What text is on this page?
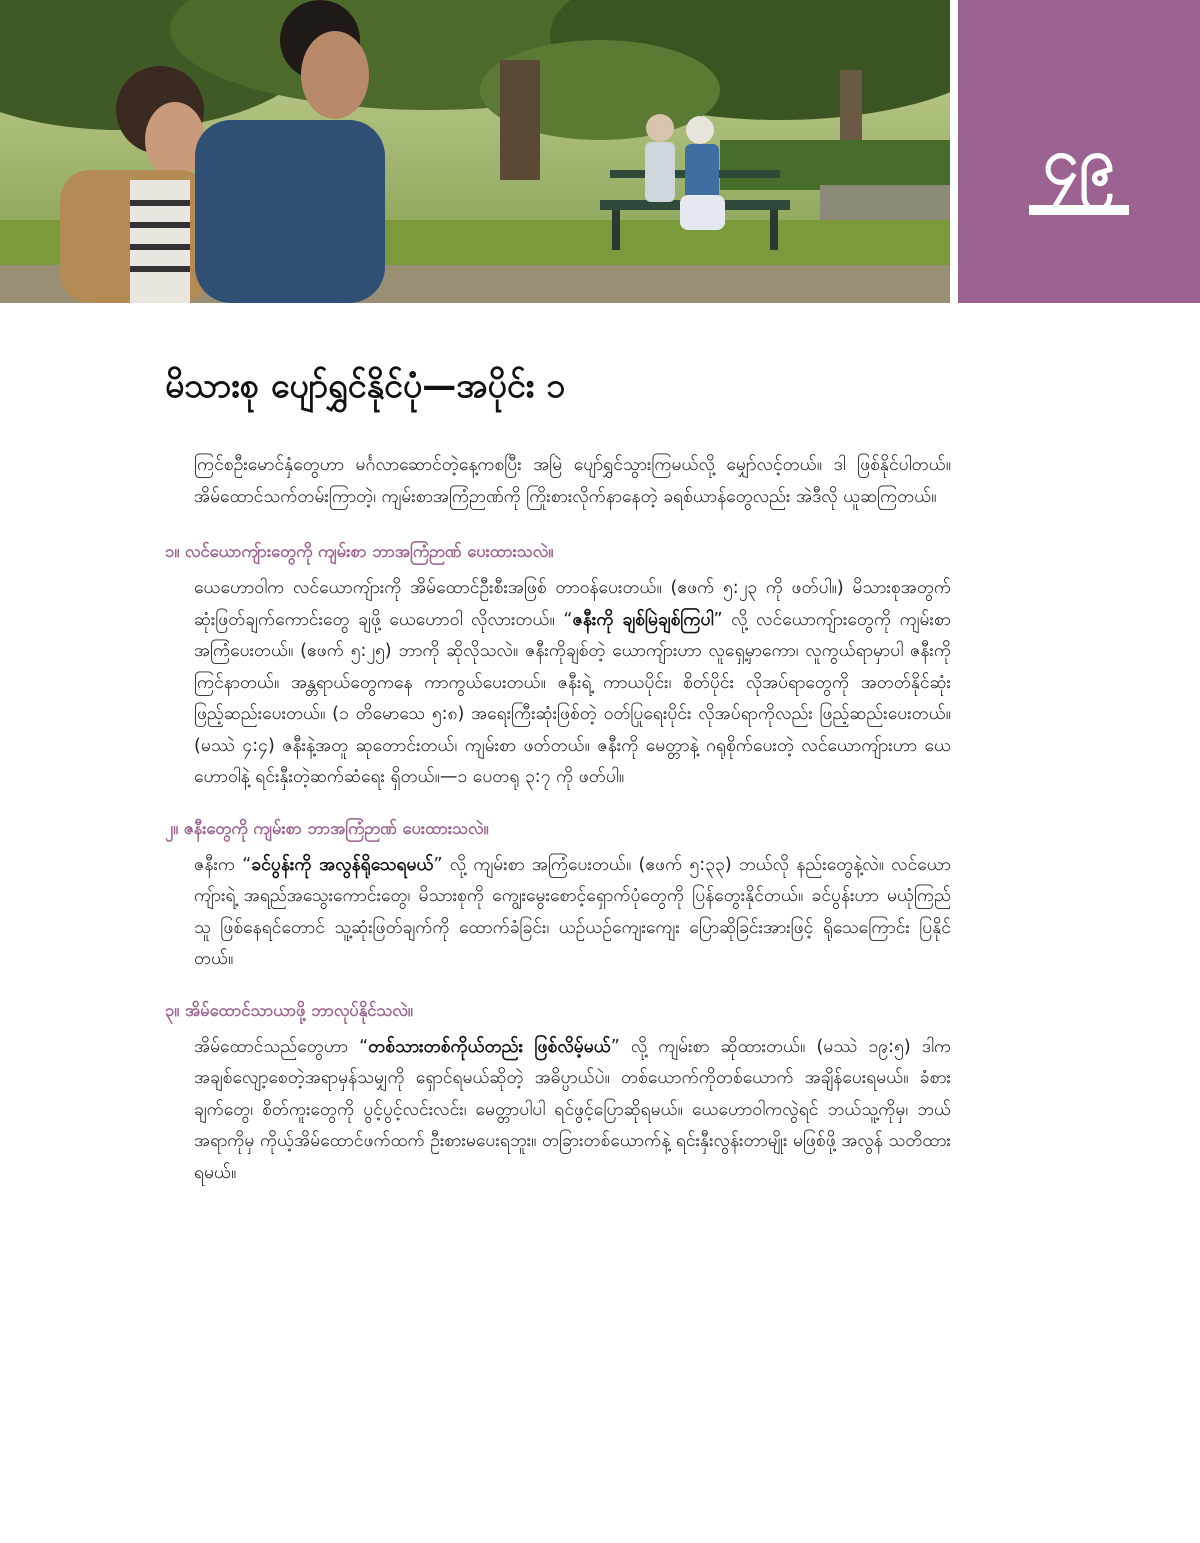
၄၉
မိသားစု ပျော်ရွှင်နိုင်ပုံ—အပိုင်း ၁

ကြင်စဦးမောင်နှံတွေဟာ မင်္ဂလာဆောင်တဲ့နေ့ကစပြီး အမြဲ ပျော်ရွှင်သွားကြမယ်လို့ မျှော်လင့်တယ်။ ဒါ ဖြစ်နိုင်ပါတယ်။ အိမ်ထောင်သက်တမ်းကြာတဲ့၊ ကျမ်းစာအကြံဉာဏ်ကို ကြိုးစားလိုက်နာနေတဲ့ ခရစ်ယာန်တွေလည်း အဲဒီလို ယူဆကြတယ်။

၁။ လင်ယောကျ်ားတွေကို ကျမ်းစာ ဘာအကြံဉာဏ် ပေးထားသလဲ။

ယေဟောဝါက လင်ယောကျ်ားကို အိမ်ထောင်ဦးစီးအဖြစ် တာဝန်ပေးတယ်။ (ဧဖက် ၅:၂၃ ကို ဖတ်ပါ။) မိသားစုအတွက် ဆုံးဖြတ်ချက်ကောင်းတွေ ချဖို့ ယေဟောဝါ လိုလားတယ်။ “ဇနီးကို ချစ်မြဲချစ်ကြပါ” လို့ လင်ယောကျ်ားတွေကို ကျမ်းစာ အကြံပေးတယ်။ (ဧဖက် ၅:၂၅) ဘာကို ဆိုလိုသလဲ။ ဇနီးကိုချစ်တဲ့ ယောကျ်ားဟာ လူရှေ့မှာကော၊ လူကွယ်ရာမှာပါ ဇနီးကို ကြင်နာတယ်။ အန္တရာယ်တွေကနေ ကာကွယ်ပေးတယ်။ ဇနီးရဲ့ ကာယပိုင်း၊ စိတ်ပိုင်း လိုအပ်ရာတွေကို အတတ်နိုင်ဆုံး ဖြည့်ဆည်းပေးတယ်။ (၁ တိမောသေ ၅:၈) အရေးကြီးဆုံးဖြစ်တဲ့ ဝတ်ပြုရေးပိုင်း လိုအပ်ရာကိုလည်း ဖြည့်ဆည်းပေးတယ်။ (မဿဲ ၄:၄) ဇနီးနဲ့အတူ ဆုတောင်းတယ်၊ ကျမ်းစာ ဖတ်တယ်။ ဇနီးကို မေတ္တာနဲ့ ဂရုစိုက်ပေးတဲ့ လင်ယောကျ်ားဟာ ယေဟောဝါနဲ့ ရင်းနှီးတဲ့ဆက်ဆံရေး ရှိတယ်။—၁ ပေတရု ၃:၇ ကို ဖတ်ပါ။

၂။ ဇနီးတွေကို ကျမ်းစာ ဘာအကြံဉာဏ် ပေးထားသလဲ။

ဇနီးက “ခင်ပွန်းကို အလွန်ရိုသေရမယ်” လို့ ကျမ်းစာ အကြံပေးတယ်။ (ဧဖက် ၅:၃၃) ဘယ်လို နည်းတွေနဲ့လဲ။ လင်ယောကျ်ားရဲ့ အရည်အသွေးကောင်းတွေ၊ မိသားစုကို ကျွေးမွေးစောင့်ရှောက်ပုံတွေကို ပြန်တွေးနိုင်တယ်။ ခင်ပွန်းဟာ မယုံကြည်သူ ဖြစ်နေရင်တောင် သူ့ဆုံးဖြတ်ချက်ကို ထောက်ခံခြင်း၊ ယဉ်ယဉ်ကျေးကျေး ပြောဆိုခြင်းအားဖြင့် ရိုသေကြောင်း ပြနိုင်တယ်။

၃။ အိမ်ထောင်သာယာဖို့ ဘာလုပ်နိုင်သလဲ။

အိမ်ထောင်သည်တွေဟာ “တစ်သားတစ်ကိုယ်တည်း ဖြစ်လိမ့်မယ်” လို့ ကျမ်းစာ ဆိုထားတယ်။ (မဿဲ ၁၉:၅) ဒါက အချစ်လျော့စေတဲ့အရာမှန်သမျှကို ရှောင်ရမယ်ဆိုတဲ့ အဓိပ္ပာယ်ပဲ။ တစ်ယောက်ကိုတစ်ယောက် အချိန်ပေးရမယ်။ ခံစားချက်တွေ၊ စိတ်ကူးတွေကို ပွင့်ပွင့်လင်းလင်း၊ မေတ္တာပါပါ ရင်ဖွင့်ပြောဆိုရမယ်။ ယေဟောဝါကလွဲရင် ဘယ်သူ့ကိုမှ၊ ဘယ်အရာကိုမှ ကိုယ့်အိမ်ထောင်ဖက်ထက် ဦးစားမပေးရဘူး။ တခြားတစ်ယောက်နဲ့ ရင်းနှီးလွန်းတာမျိုး မဖြစ်ဖို့ အလွန် သတိထားရမယ်။
